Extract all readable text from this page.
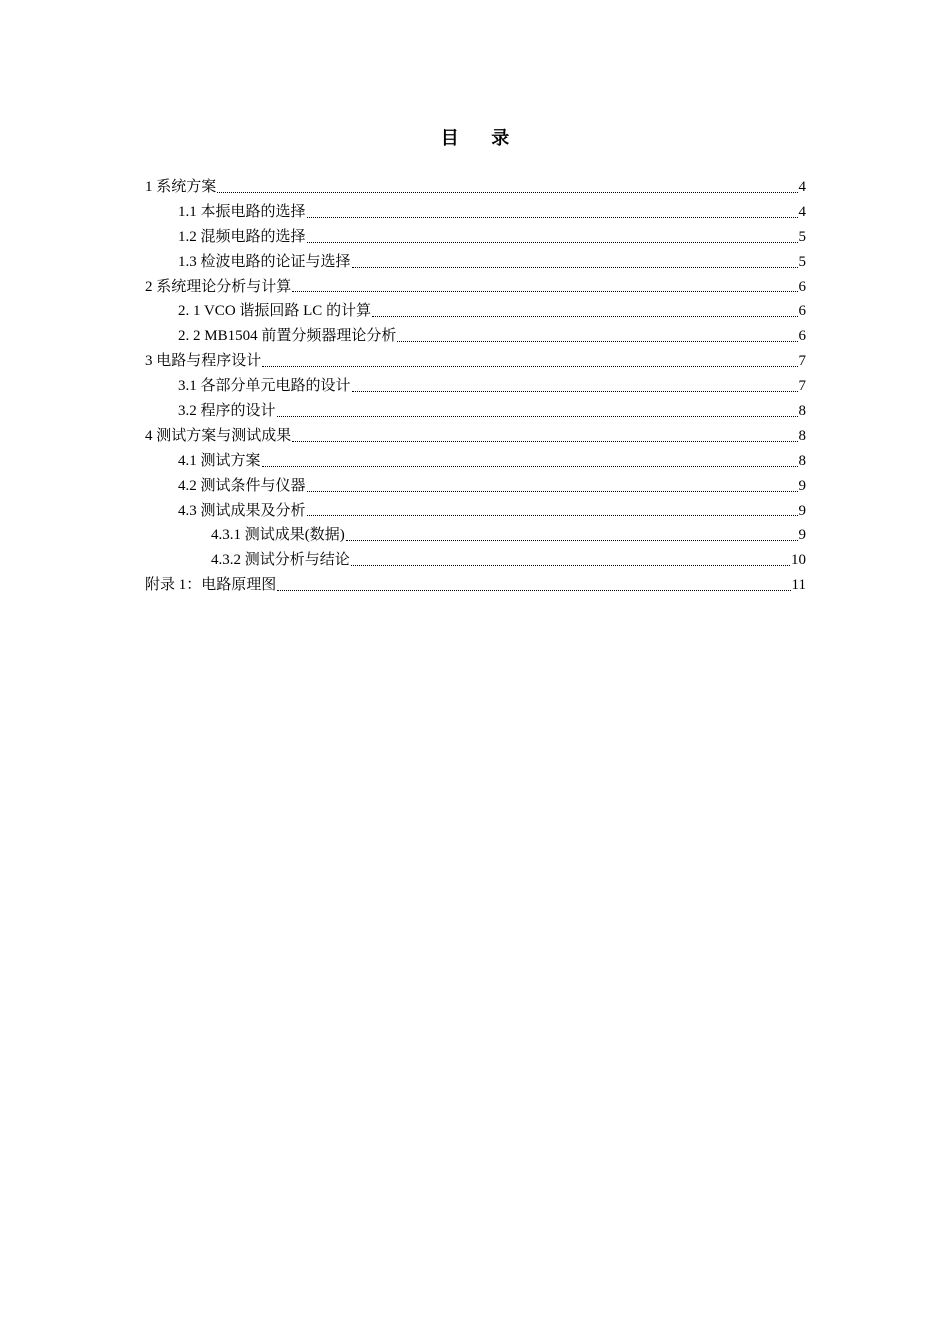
目 录
1 系统方案	4
1.1 本振电路的选择	4
1.2 混频电路的选择	5
1.3 检波电路的论证与选择	5
2 系统理论分析与计算	6
2. 1 VCO 谐振回路 LC 的计算	6
2. 2 MB1504 前置分频器理论分析	6
3 电路与程序设计	7
3.1 各部分单元电路的设计	7
3.2 程序的设计	8
4 测试方案与测试成果	8
4.1 测试方案	8
4.2 测试条件与仪器	9
4.3 测试成果及分析	9
4.3.1 测试成果(数据)	9
4.3.2 测试分析与结论	10
附录 1：电路原理图	11
